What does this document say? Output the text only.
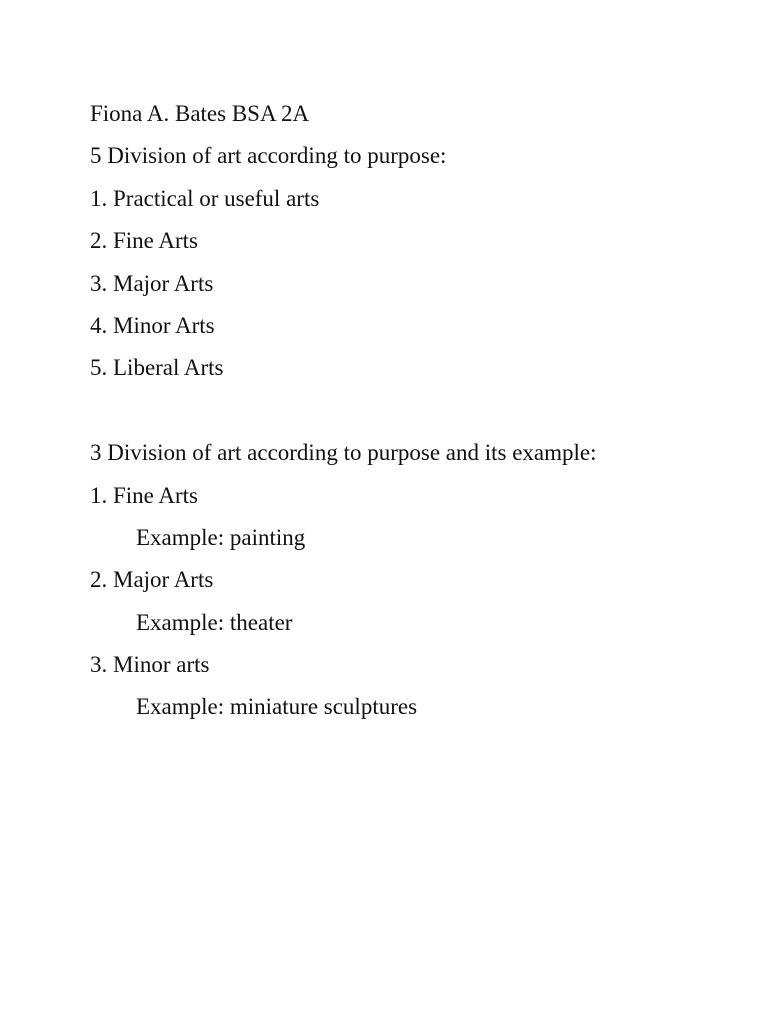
Fiona A. Bates BSA 2A
5 Division of art according to purpose:
1. Practical or useful arts
2. Fine Arts
3. Major Arts
4. Minor Arts
5. Liberal Arts
3 Division of art according to purpose and its example:
1. Fine Arts
Example: painting
2. Major Arts
Example: theater
3. Minor arts
Example: miniature sculptures
